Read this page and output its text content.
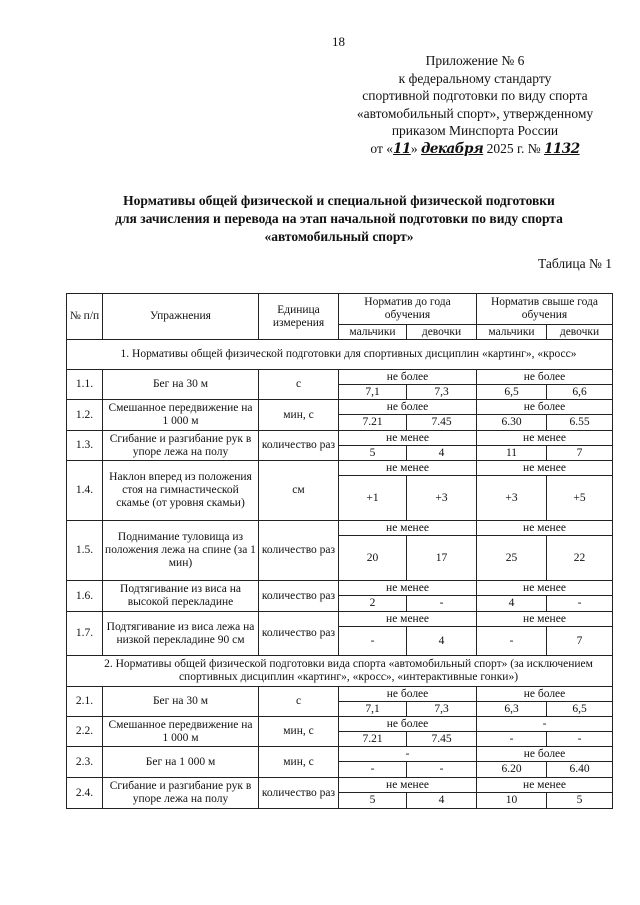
18
Приложение № 6
к федеральному стандарту
спортивной подготовки по виду спорта
«автомобильный спорт», утвержденному
приказом Минспорта России
от «11» декабря 2025 г. № 1132
Нормативы общей физической и специальной физической подготовки
для зачисления и перевода на этап начальной подготовки по виду спорта
«автомобильный спорт»
Таблица № 1
№ п/п	Упражнения	Единица измерения	Норматив до года обучения		Норматив свыше года обучения	
			мальчики	девочки	мальчики	девочки
1. Нормативы общей физической подготовки для спортивных дисциплин «картинг», «кросс»						
1.1.	Бег на 30 м	с	не более		не более	
			7,1	7,3	6,5	6,6
1.2.	Смешанное передвижение на 1 000 м	мин, с	не более		не более	
			7.21	7.45	6.30	6.55
1.3.	Сгибание и разгибание рук в упоре лежа на полу	количество раз	не менее		не менее	
			5	4	11	7
1.4.	Наклон вперед из положения стоя на гимнастической скамье (от уровня скамьи)	см	не менее		не менее	
			+1	+3	+3	+5
1.5.	Поднимание туловища из положения лежа на спине (за 1 мин)	количество раз	не менее		не менее	
			20	17	25	22
1.6.	Подтягивание из виса на высокой перекладине	количество раз	не менее		не менее	
			2	-	4	-
1.7.	Подтягивание из виса лежа на низкой перекладине 90 см	количество раз	не менее		не менее	
			-	4	-	7
2. Нормативы общей физической подготовки вида спорта «автомобильный спорт» (за исключением спортивных дисциплин «картинг», «кросс», «интерактивные гонки»)						
2.1.	Бег на 30 м	с	не более		не более	
			7,1	7,3	6,3	6,5
2.2.	Смешанное передвижение на 1 000 м	мин, с	не более		-	
			7.21	7.45	-	-
2.3.	Бег на 1 000 м	мин, с	-		не более	
			-	-	6.20	6.40
2.4.	Сгибание и разгибание рук в упоре лежа на полу	количество раз	не менее		не менее	
			5	4	10	5
